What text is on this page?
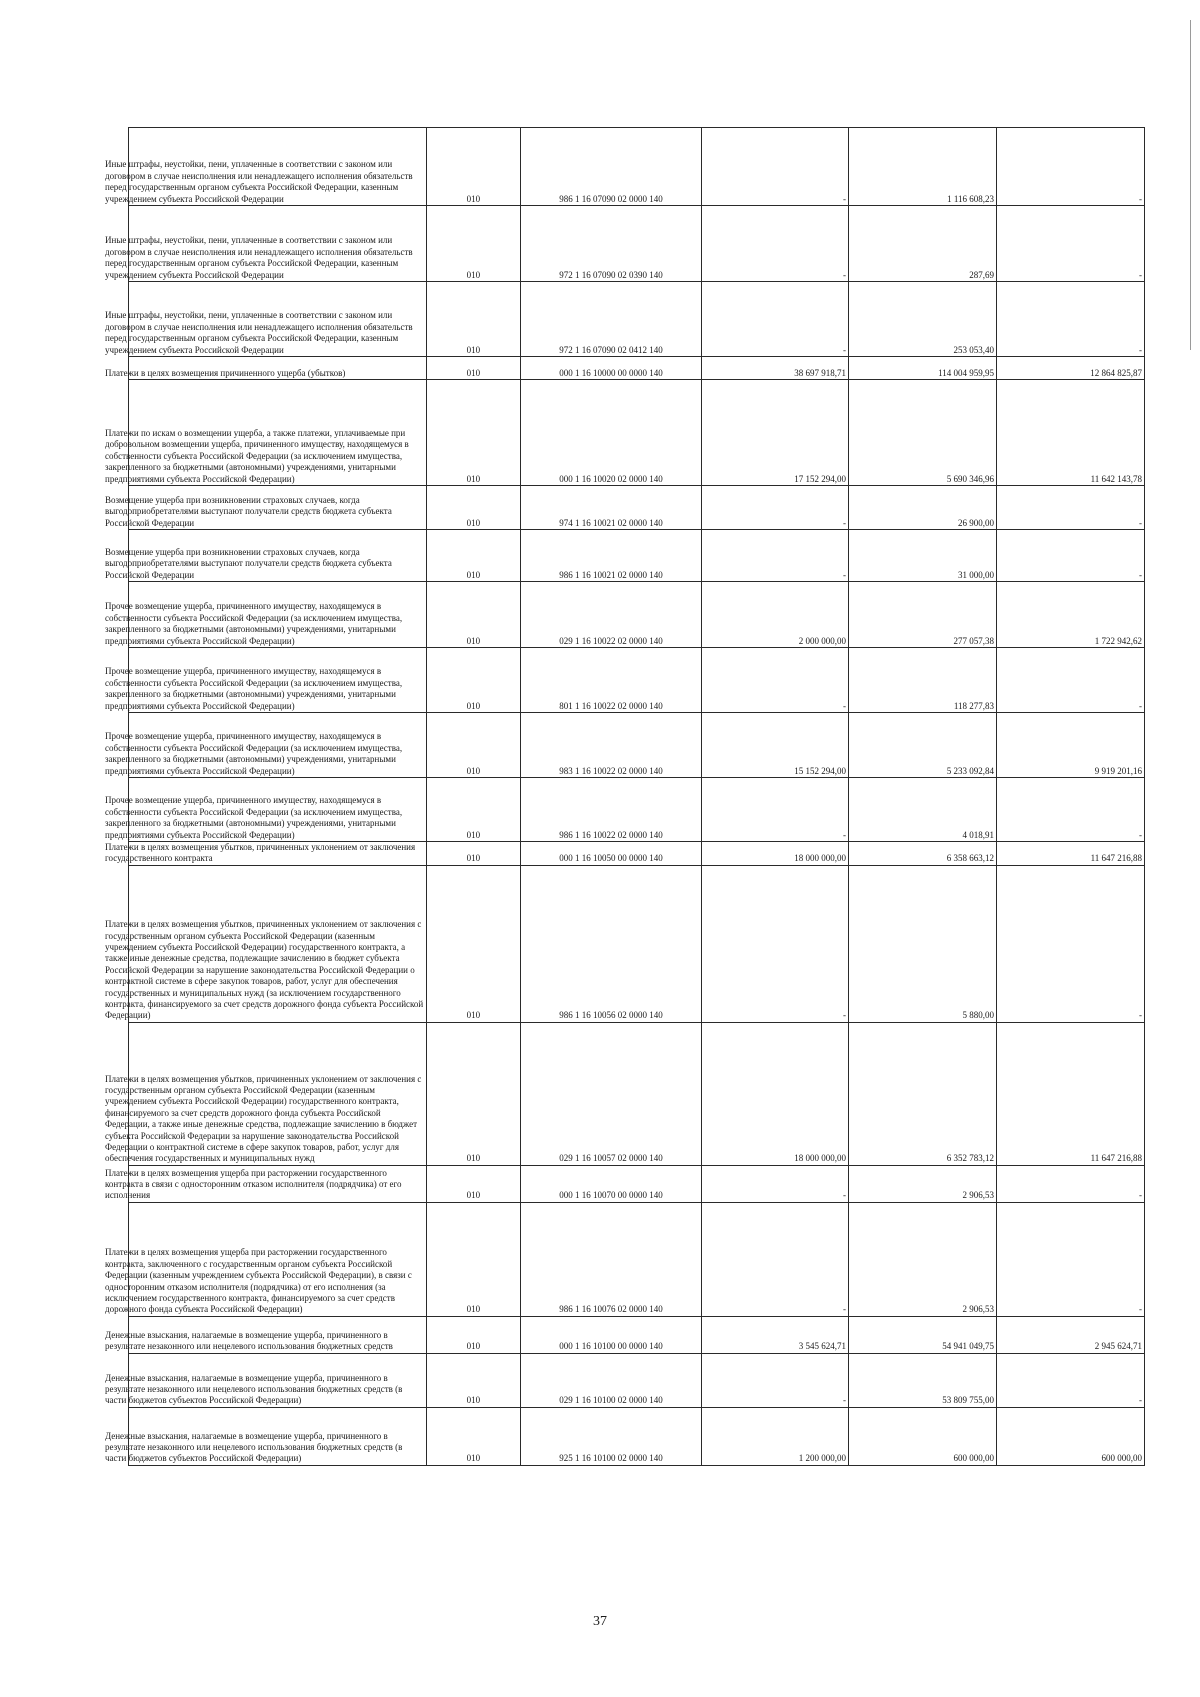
Иные штрафы, неустойки, пени, уплаченные в соответствии с законом или договором в случае неисполнения или ненадлежащего исполнения обязательств перед государственным органом субъекта Российской Федерации, казенным учреждением субъекта Российской Федерации	010	986 1 16 07090 02 0000 140	-	1 116 608,23	-

Иные штрафы, неустойки, пени, уплаченные в соответствии с законом или договором в случае неисполнения или ненадлежащего исполнения обязательств перед государственным органом субъекта Российской Федерации, казенным учреждением субъекта Российской Федерации	010	972 1 16 07090 02 0390 140	-	287,69	-

Иные штрафы, неустойки, пени, уплаченные в соответствии с законом или договором в случае неисполнения или ненадлежащего исполнения обязательств перед государственным органом субъекта Российской Федерации, казенным учреждением субъекта Российской Федерации	010	972 1 16 07090 02 0412 140	-	253 053,40	-

Платежи в целях возмещения причиненного ущерба (убытков)	010	000 1 16 10000 00 0000 140	38 697 918,71	114 004 959,95	12 864 825,87

Платежи по искам о возмещении ущерба, а также платежи, уплачиваемые при добровольном возмещении ущерба, причиненного имуществу, находящемуся в собственности субъекта Российской Федерации (за исключением имущества, закрепленного за бюджетными (автономными) учреждениями, унитарными предприятиями субъекта Российской Федерации)	010	000 1 16 10020 02 0000 140	17 152 294,00	5 690 346,96	11 642 143,78

Возмещение ущерба при возникновении страховых случаев, когда выгодоприобретателями выступают получатели средств бюджета субъекта Российской Федерации	010	974 1 16 10021 02 0000 140	-	26 900,00	-

Возмещение ущерба при возникновении страховых случаев, когда выгодоприобретателями выступают получатели средств бюджета субъекта Российской Федерации	010	986 1 16 10021 02 0000 140	-	31 000,00	-

Прочее возмещение ущерба, причиненного имуществу, находящемуся в собственности субъекта Российской Федерации (за исключением имущества, закрепленного за бюджетными (автономными) учреждениями, унитарными предприятиями субъекта Российской Федерации)	010	029 1 16 10022 02 0000 140	2 000 000,00	277 057,38	1 722 942,62

Прочее возмещение ущерба, причиненного имуществу, находящемуся в собственности субъекта Российской Федерации (за исключением имущества, закрепленного за бюджетными (автономными) учреждениями, унитарными предприятиями субъекта Российской Федерации)	010	801 1 16 10022 02 0000 140	-	118 277,83	-

Прочее возмещение ущерба, причиненного имуществу, находящемуся в собственности субъекта Российской Федерации (за исключением имущества, закрепленного за бюджетными (автономными) учреждениями, унитарными предприятиями субъекта Российской Федерации)	010	983 1 16 10022 02 0000 140	15 152 294,00	5 233 092,84	9 919 201,16

Прочее возмещение ущерба, причиненного имуществу, находящемуся в собственности субъекта Российской Федерации (за исключением имущества, закрепленного за бюджетными (автономными) учреждениями, унитарными предприятиями субъекта Российской Федерации)	010	986 1 16 10022 02 0000 140	-	4 018,91	-

Платежи в целях возмещения убытков, причиненных уклонением от заключения государственного контракта	010	000 1 16 10050 00 0000 140	18 000 000,00	6 358 663,12	11 647 216,88

Платежи в целях возмещения убытков, причиненных уклонением от заключения с государственным органом субъекта Российской Федерации (казенным учреждением субъекта Российской Федерации) государственного контракта, а также иные денежные средства, подлежащие зачислению в бюджет субъекта Российской Федерации за нарушение законодательства Российской Федерации о контрактной системе в сфере закупок товаров, работ, услуг для обеспечения государственных и муниципальных нужд (за исключением государственного контракта, финансируемого за счет средств дорожного фонда субъекта Российской Федерации)	010	986 1 16 10056 02 0000 140	-	5 880,00	-

Платежи в целях возмещения убытков, причиненных уклонением от заключения с государственным органом субъекта Российской Федерации (казенным учреждением субъекта Российской Федерации) государственного контракта, финансируемого за счет средств дорожного фонда субъекта Российской Федерации, а также иные денежные средства, подлежащие зачислению в бюджет субъекта Российской Федерации за нарушение законодательства Российской Федерации о контрактной системе в сфере закупок товаров, работ, услуг для обеспечения государственных и муниципальных нужд	010	029 1 16 10057 02 0000 140	18 000 000,00	6 352 783,12	11 647 216,88

Платежи в целях возмещения ущерба при расторжении государственного контракта в связи с односторонним отказом исполнителя (подрядчика) от его исполнения	010	000 1 16 10070 00 0000 140	-	2 906,53	-

Платежи в целях возмещения ущерба при расторжении государственного контракта, заключенного с государственным органом субъекта Российской Федерации (казенным учреждением субъекта Российской Федерации), в связи с односторонним отказом исполнителя (подрядчика) от его исполнения (за исключением государственного контракта, финансируемого за счет средств дорожного фонда субъекта Российской Федерации)	010	986 1 16 10076 02 0000 140	-	2 906,53	-

Денежные взыскания, налагаемые в возмещение ущерба, причиненного в результате незаконного или нецелевого использования бюджетных средств	010	000 1 16 10100 00 0000 140	3 545 624,71	54 941 049,75	2 945 624,71

Денежные взыскания, налагаемые в возмещение ущерба, причиненного в результате незаконного или нецелевого использования бюджетных средств (в части бюджетов субъектов Российской Федерации)	010	029 1 16 10100 02 0000 140	-	53 809 755,00	-

Денежные взыскания, налагаемые в возмещение ущерба, причиненного в результате незаконного или нецелевого использования бюджетных средств (в части бюджетов субъектов Российской Федерации)	010	925 1 16 10100 02 0000 140	1 200 000,00	600 000,00	600 000,00
37
